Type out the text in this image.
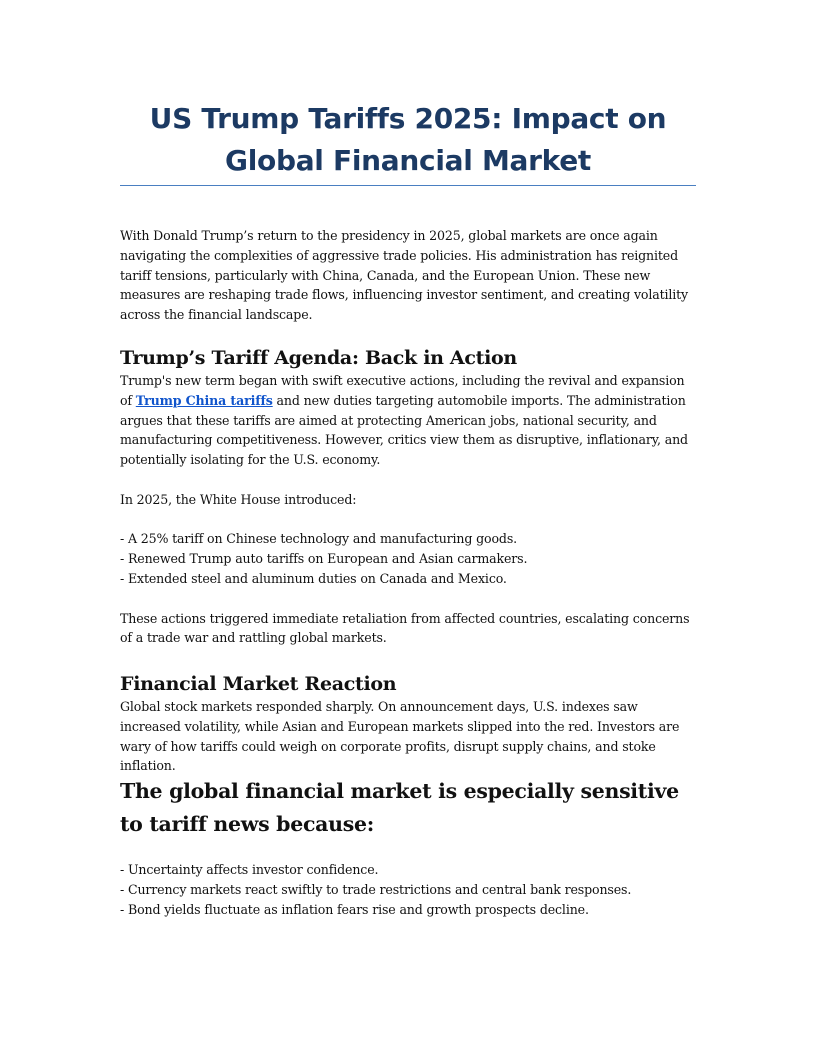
US Trump Tariffs 2025: Impact on
Global Financial Market

With Donald Trump’s return to the presidency in 2025, global markets are once again navigating the complexities of aggressive trade policies. His administration has reignited tariff tensions, particularly with China, Canada, and the European Union. These new measures are reshaping trade flows, influencing investor sentiment, and creating volatility across the financial landscape.

Trump’s Tariff Agenda: Back in Action

Trump's new term began with swift executive actions, including the revival and expansion of Trump China tariffs and new duties targeting automobile imports. The administration argues that these tariffs are aimed at protecting American jobs, national security, and manufacturing competitiveness. However, critics view them as disruptive, inflationary, and potentially isolating for the U.S. economy.

In 2025, the White House introduced:

- A 25% tariff on Chinese technology and manufacturing goods.
- Renewed Trump auto tariffs on European and Asian carmakers.
- Extended steel and aluminum duties on Canada and Mexico.

These actions triggered immediate retaliation from affected countries, escalating concerns of a trade war and rattling global markets.

Financial Market Reaction

Global stock markets responded sharply. On announcement days, U.S. indexes saw increased volatility, while Asian and European markets slipped into the red. Investors are wary of how tariffs could weigh on corporate profits, disrupt supply chains, and stoke inflation.

The global financial market is especially sensitive to tariff news because:
- Uncertainty affects investor confidence.
- Currency markets react swiftly to trade restrictions and central bank responses.
- Bond yields fluctuate as inflation fears rise and growth prospects decline.
